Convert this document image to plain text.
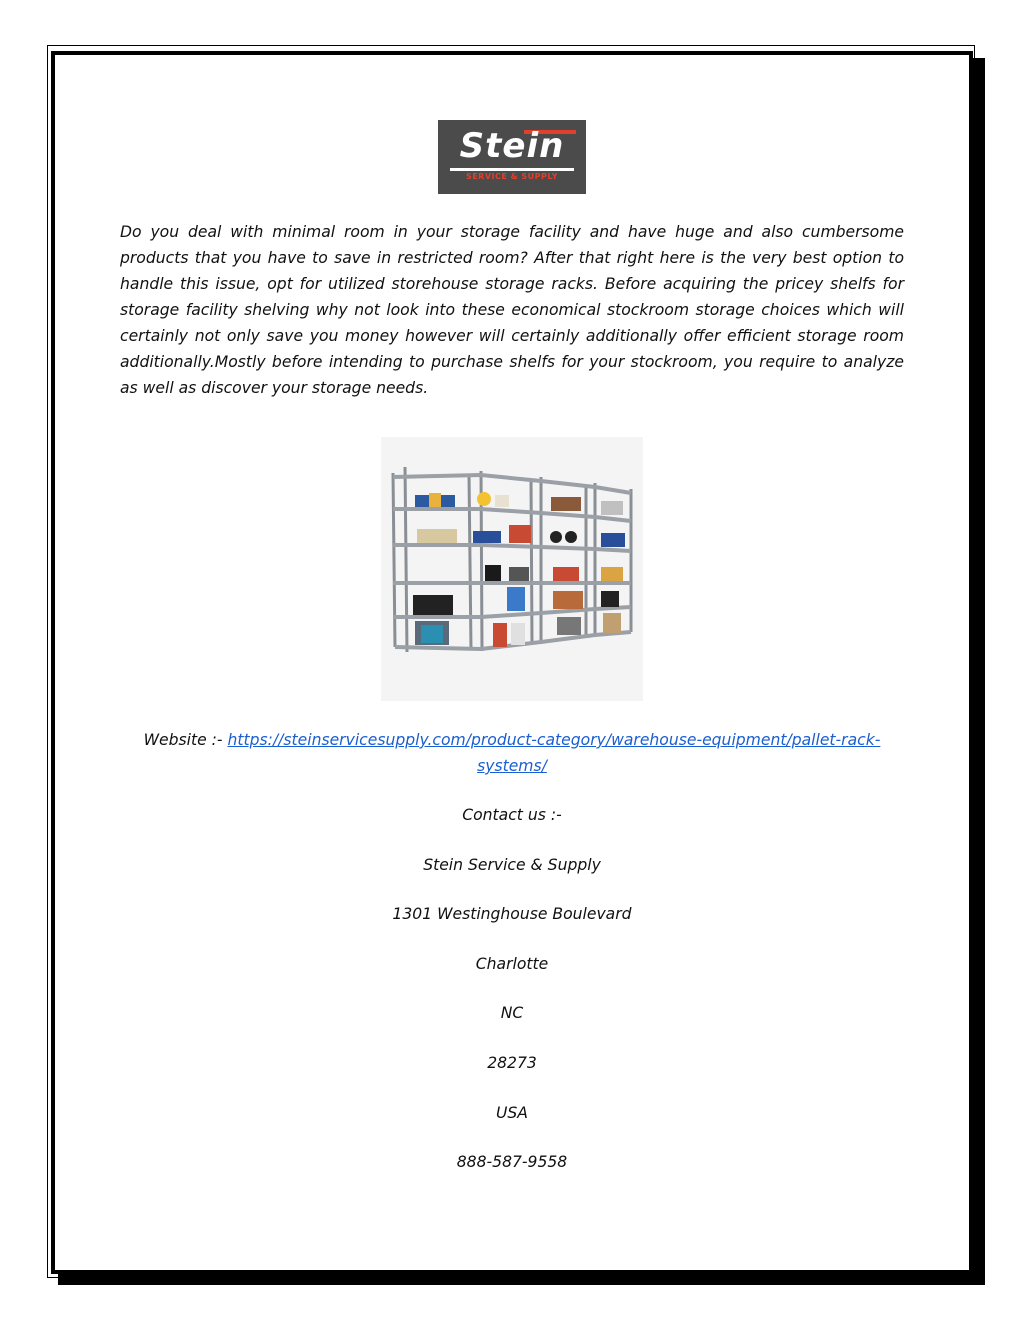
Stein
SERVICE & SUPPLY

Do you deal with minimal room in your storage facility and have huge and also cumbersome products that you have to save in restricted room? After that right here is the very best option to handle this issue, opt for utilized storehouse storage racks. Before acquiring the pricey shelfs for storage facility shelving why not look into these economical stockroom storage choices which will certainly not only save you money however will certainly additionally offer efficient storage room additionally.Mostly before intending to purchase shelfs for your stockroom, you require to analyze as well as discover your storage needs.

Website :- https://steinservicesupply.com/product-category/warehouse-equipment/pallet-rack-systems/

Contact us :-

Stein Service & Supply

1301 Westinghouse Boulevard

Charlotte

NC

28273

USA

888-587-9558
